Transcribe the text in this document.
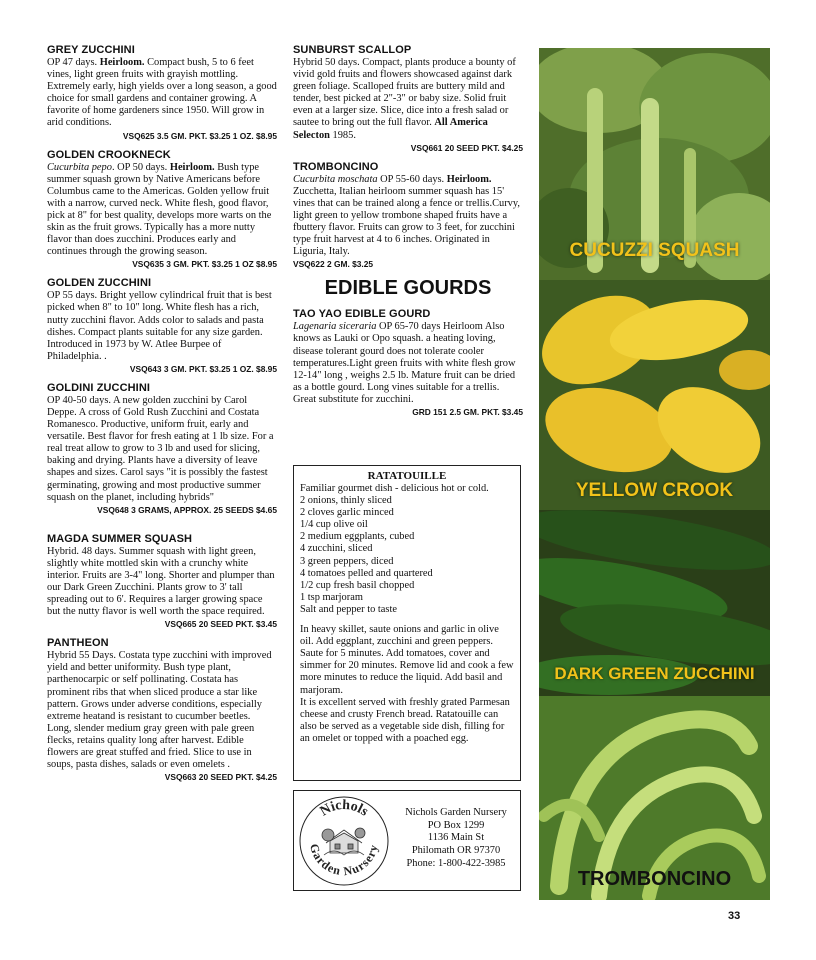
GREY ZUCCHINI

OP 47 days. Heirloom. Compact bush, 5 to 6 feet vines, light green fruits with grayish mottling. Extremely early, high yields over a long season, a good choice for small gardens and container growing. A favorite of home gardeners since 1950. Will grow in arid conditions.

VSQ625 3.5 GM. PKT. $3.25 1 OZ. $8.95
GOLDEN CROOKNECK

Cucurbita pepo. OP 50 days. Heirloom. Bush type summer squash grown by Native Americans before Columbus came to the Americas. Golden yellow fruit with a narrow, curved neck. White flesh, good flavor, pick at 8" for best quality, develops more warts on the skin as the fruit grows. Typically has a more nutty flavor than does zucchini. Produces early and continues through the growing season.

VSQ635 3 GM. PKT. $3.25 1 OZ $8.95
GOLDEN ZUCCHINI

OP 55 days. Bright yellow cylindrical fruit that is best picked when 8" to 10" long. White flesh has a rich, nutty zucchini flavor. Adds color to salads and pasta dishes. Compact plants suitable for any size garden. Introduced in 1973 by W. Atlee Burpee of Philadelphia. .

VSQ643 3 GM. PKT. $3.25 1 OZ. $8.95
GOLDINI ZUCCHINI

OP 40-50 days. A new golden zucchini by Carol Deppe. A cross of Gold Rush Zucchini and Costata Romanesco. Productive, uniform fruit, early and versatile. Best flavor for fresh eating at 1 lb size. For a real treat allow to grow to 3 lb and used for slicing, baking and drying. Plants have a diversity of leave shapes and sizes. Carol says "it is possibly the fastest germinating, growing and most productive summer squash on the planet, including hybrids"

VSQ648 3 GRAMS, APPROX. 25 SEEDS $4.65
MAGDA SUMMER SQUASH

Hybrid. 48 days. Summer squash with light green, slightly white mottled skin with a crunchy white interior. Fruits are 3-4" long. Shorter and plumper than our Dark Green Zucchini. Plants grow to 3' tall spreading out to 6'. Requires a larger growing space but the nutty flavor is well worth the space required.

VSQ665 20 SEED PKT. $3.45
PANTHEON

Hybrid 55 Days. Costata type zucchini with improved yield and better uniformity. Bush type plant, parthenocarpic or self pollinating. Costata has prominent ribs that when sliced produce a star like pattern. Grows under adverse conditions, especially extreme heatand is resistant to cucumber beetles. Long, slender medium gray green with pale green flecks, retains quality long after harvest. Edible flowers are great stuffed and fried. Slice to use in soups, pasta dishes, salads or even omelets .

VSQ663 20 SEED PKT. $4.25
SUNBURST SCALLOP

Hybrid 50 days. Compact, plants produce a bounty of vivid gold fruits and flowers showcased against dark green foliage. Scalloped fruits are buttery mild and tender, best picked at 2"-3" or baby size. Solid fruit even at a larger size. Slice, dice into a fresh salad or sautee to bring out the full flavor. All America Selecton 1985.

VSQ661 20 SEED PKT. $4.25
TROMBONCINO

Cucurbita moschata OP 55-60 days. Heirloom. Zucchetta, Italian heirloom summer squash has 15' vines that can be trained along a fence or trellis.Curvy, light green to yellow trombone shaped fruits have a fbuttery flavor. Fruits can grow to 3 feet, for zucchini type fruit harvest at 4 to 6 inches. Originated in Liguria, Italy.

VSQ622 2 GM. $3.25
EDIBLE GOURDS
TAO YAO EDIBLE GOURD

Lagenaria siceraria OP 65-70 days Heirloom Also knows as Lauki or Opo squash. a heating loving, disease tolerant gourd does not tolerate cooler temperatures.Light green fruits with white flesh grow 12-14" long , weighs 2.5 lb. Mature fruit can be dried as a bottle gourd. Long vines suitable for a trellis. Great substitute for zucchini.

GRD 151 2.5 GM. PKT. $3.45
RATATOUILLE
Familiar gourmet dish - delicious hot or cold.
2 onions, thinly sliced
2 cloves garlic minced
1/4 cup olive oil
2 medium eggplants, cubed
4 zucchini, sliced
3 green peppers, diced
4 tomatoes pelled and quartered
1/2 cup fresh basil chopped
1 tsp marjoram
Salt and pepper to taste
In heavy skillet, saute onions and garlic in olive oil. Add eggplant, zucchini and green peppers. Saute for 5 minutes. Add tomatoes, cover and simmer for 20 minutes. Remove lid and cook a few more minutes to reduce the liquid. Add basil and marjoram.
It is excellent served with freshly grated Parmesan cheese and crusty French bread. Ratatouille can also be served as a vegetable side dish, filling for an omelet or topped with a poached egg.
Nichols
Garden Nursery
Nichols Garden Nursery
PO Box 1299
1136 Main St
Philomath OR 97370
Phone: 1-800-422-3985
CUCUZZI SQUASH
YELLOW CROOK
DARK GREEN ZUCCHINI
TROMBONCINO
33
